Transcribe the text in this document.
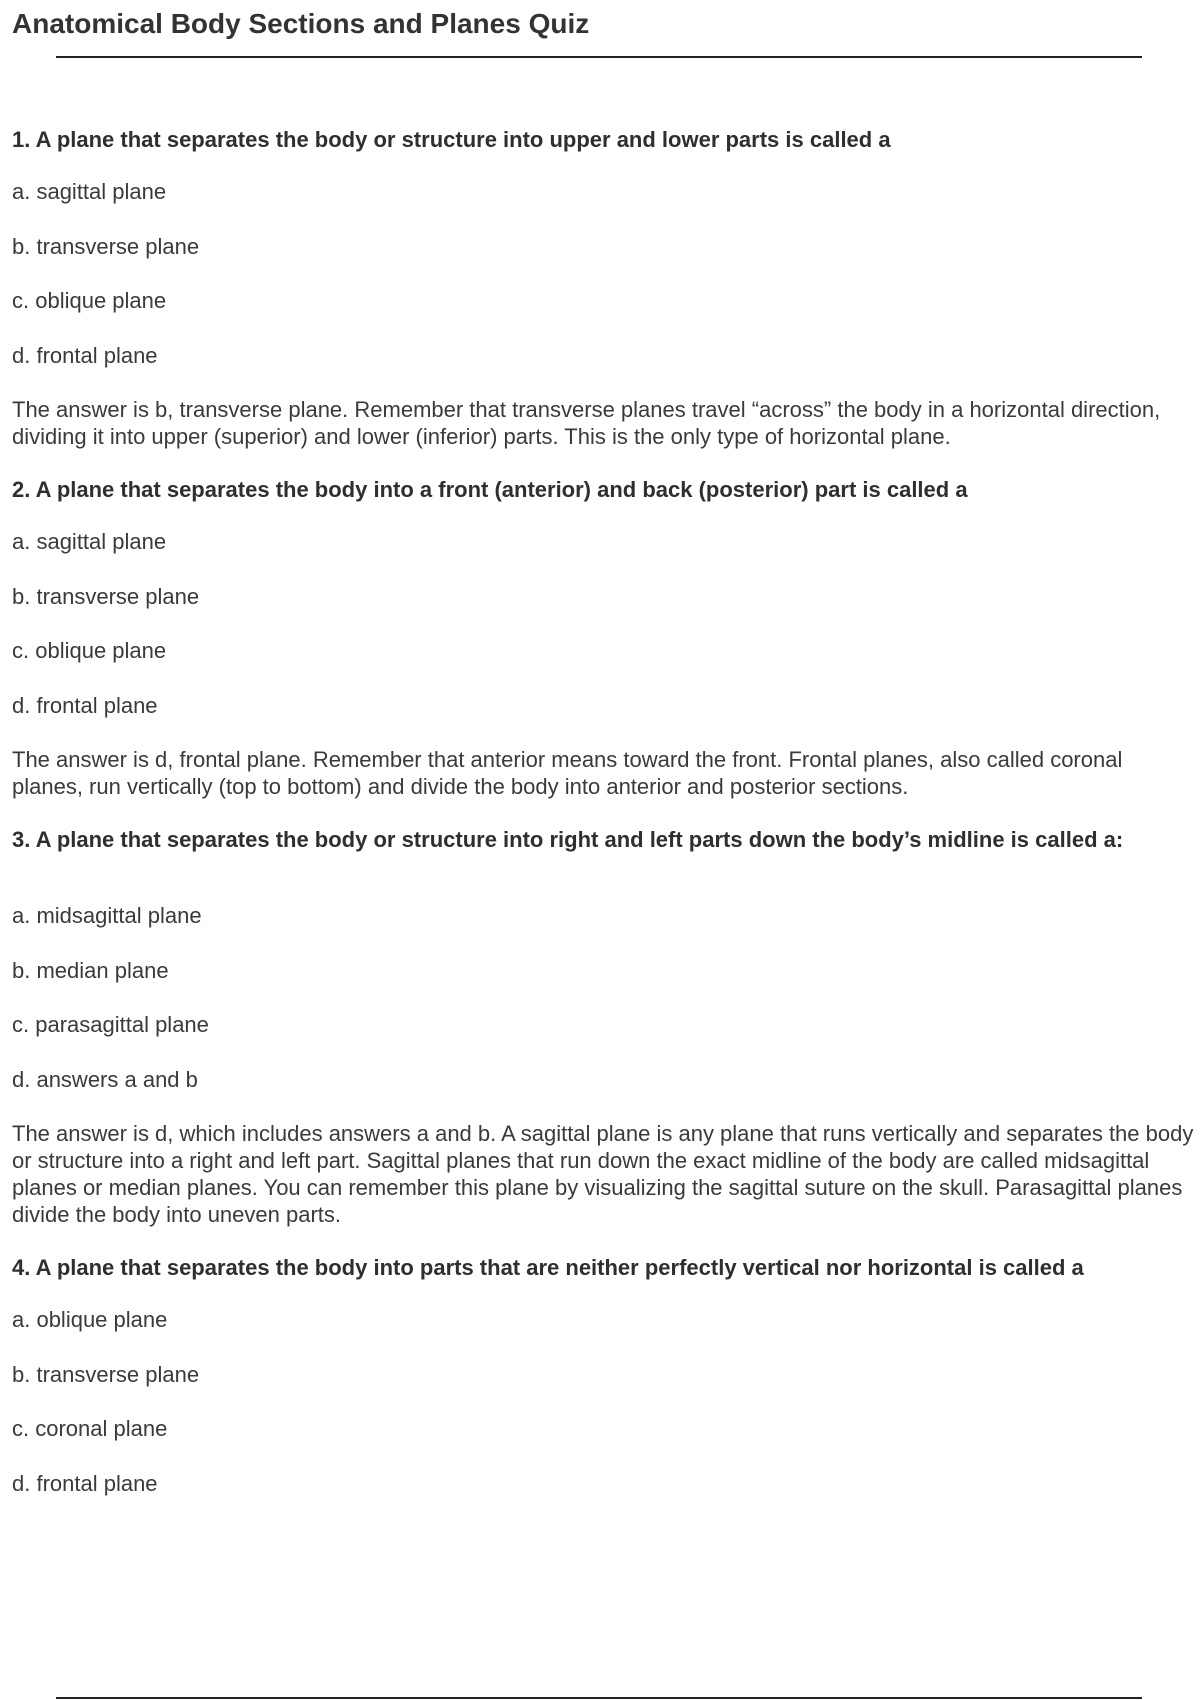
Anatomical Body Sections and Planes Quiz

1. A plane that separates the body or structure into upper and lower parts is called a

a. sagittal plane

b. transverse plane

c. oblique plane

d. frontal plane

The answer is b, transverse plane. Remember that transverse planes travel “across” the body in a horizontal direction, dividing it into upper (superior) and lower (inferior) parts. This is the only type of horizontal plane.

2. A plane that separates the body into a front (anterior) and back (posterior) part is called a

a. sagittal plane

b. transverse plane

c. oblique plane

d. frontal plane

The answer is d, frontal plane. Remember that anterior means toward the front. Frontal planes, also called coronal planes, run vertically (top to bottom) and divide the body into anterior and posterior sections.

3. A plane that separates the body or structure into right and left parts down the body’s midline is called a:

a. midsagittal plane

b. median plane

c. parasagittal plane

d. answers a and b

The answer is d, which includes answers a and b. A sagittal plane is any plane that runs vertically and separates the body or structure into a right and left part. Sagittal planes that run down the exact midline of the body are called midsagittal planes or median planes. You can remember this plane by visualizing the sagittal suture on the skull. Parasagittal planes divide the body into uneven parts.

4. A plane that separates the body into parts that are neither perfectly vertical nor horizontal is called a

a. oblique plane

b. transverse plane

c. coronal plane

d. frontal plane
